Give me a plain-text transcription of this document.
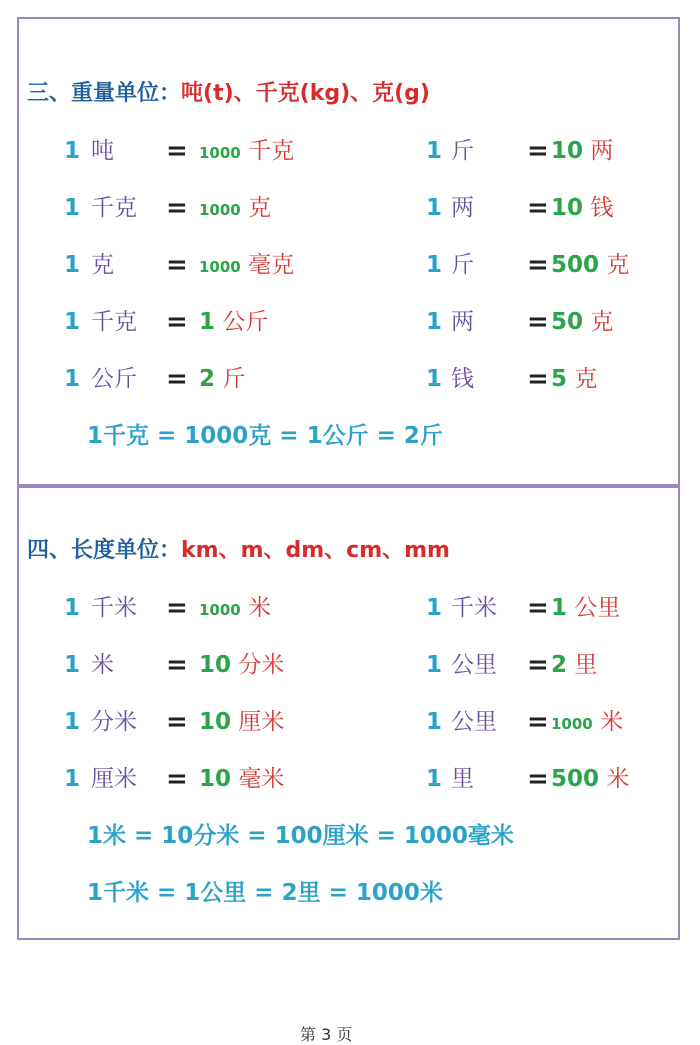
三、重量单位：吨(t)、千克(kg)、克(g)
1 吨 = 1000 千克	1 斤 = 10 两
1 千克 = 1000 克	1 两 = 10 钱
1 克 = 1000 毫克	1 斤 = 500 克
1 千克 = 1 公斤	1 两 = 50 克
1 公斤 = 2 斤	1 钱 = 5 克
1千克 = 1000克 = 1公斤 = 2斤
四、长度单位：km、m、dm、cm、mm
1 千米 = 1000 米	1 千米 = 1 公里
1 米 = 10 分米	1 公里 = 2 里
1 分米 = 10 厘米	1 公里 = 1000 米
1 厘米 = 10 毫米	1 里 = 500 米
1米 = 10分米 = 100厘米 = 1000毫米
1千米 = 1公里 = 2里 = 1000米
第 3 页
